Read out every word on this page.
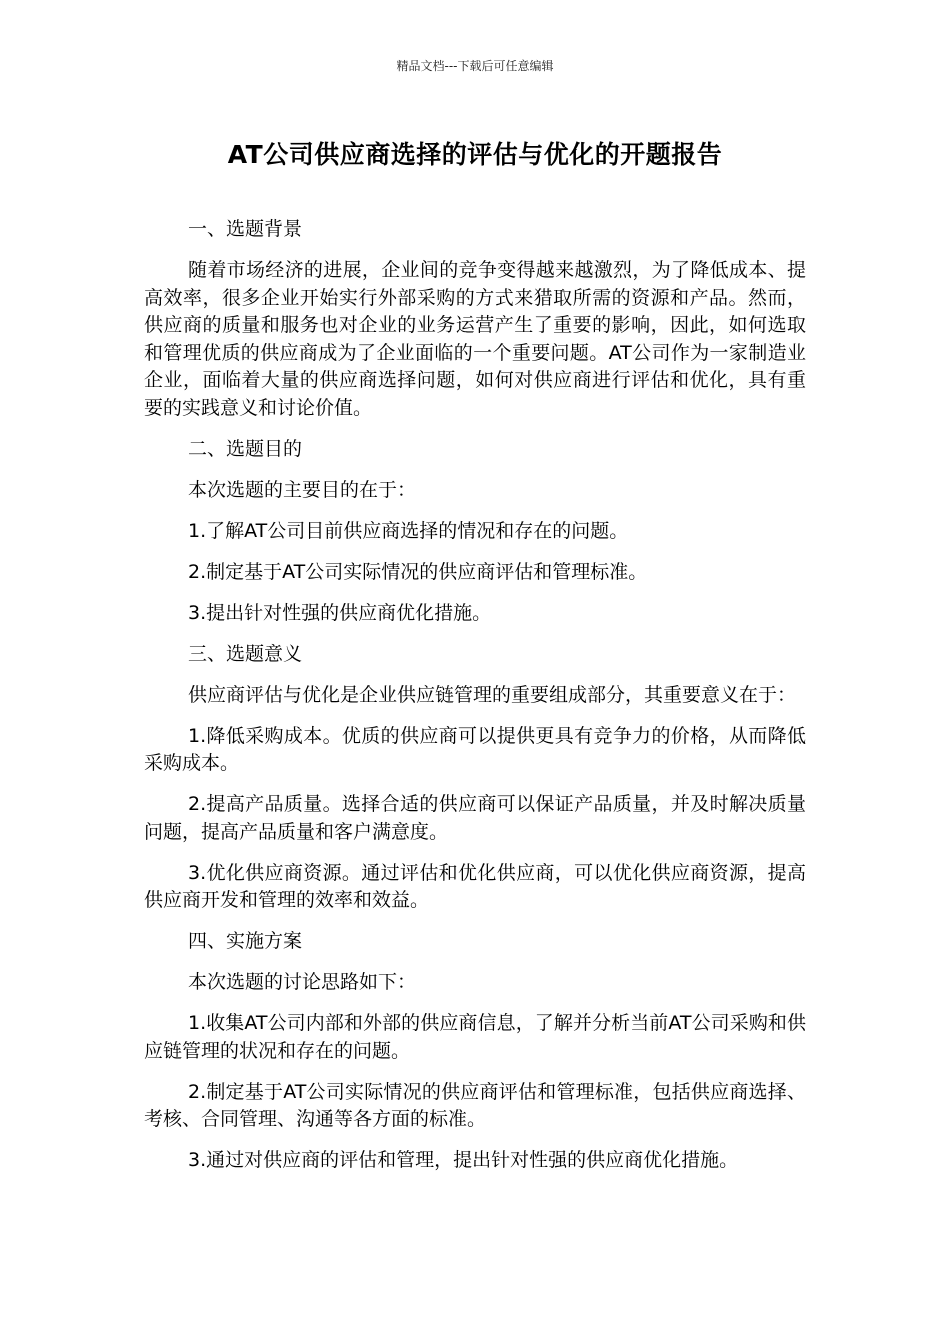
精品文档---下载后可任意编辑
AT公司供应商选择的评估与优化的开题报告

一、选题背景

随着市场经济的进展，企业间的竞争变得越来越激烈，为了降低成本、提高效率，很多企业开始实行外部采购的方式来猎取所需的资源和产品。然而，供应商的质量和服务也对企业的业务运营产生了重要的影响，因此，如何选取和管理优质的供应商成为了企业面临的一个重要问题。AT公司作为一家制造业企业，面临着大量的供应商选择问题，如何对供应商进行评估和优化，具有重要的实践意义和讨论价值。

二、选题目的

本次选题的主要目的在于：

1.了解AT公司目前供应商选择的情况和存在的问题。

2.制定基于AT公司实际情况的供应商评估和管理标准。

3.提出针对性强的供应商优化措施。

三、选题意义

供应商评估与优化是企业供应链管理的重要组成部分，其重要意义在于：

1.降低采购成本。优质的供应商可以提供更具有竞争力的价格，从而降低采购成本。

2.提高产品质量。选择合适的供应商可以保证产品质量，并及时解决质量问题，提高产品质量和客户满意度。

3.优化供应商资源。通过评估和优化供应商，可以优化供应商资源，提高供应商开发和管理的效率和效益。

四、实施方案

本次选题的讨论思路如下：

1.收集AT公司内部和外部的供应商信息，了解并分析当前AT公司采购和供应链管理的状况和存在的问题。

2.制定基于AT公司实际情况的供应商评估和管理标准，包括供应商选择、考核、合同管理、沟通等各方面的标准。

3.通过对供应商的评估和管理，提出针对性强的供应商优化措施。
